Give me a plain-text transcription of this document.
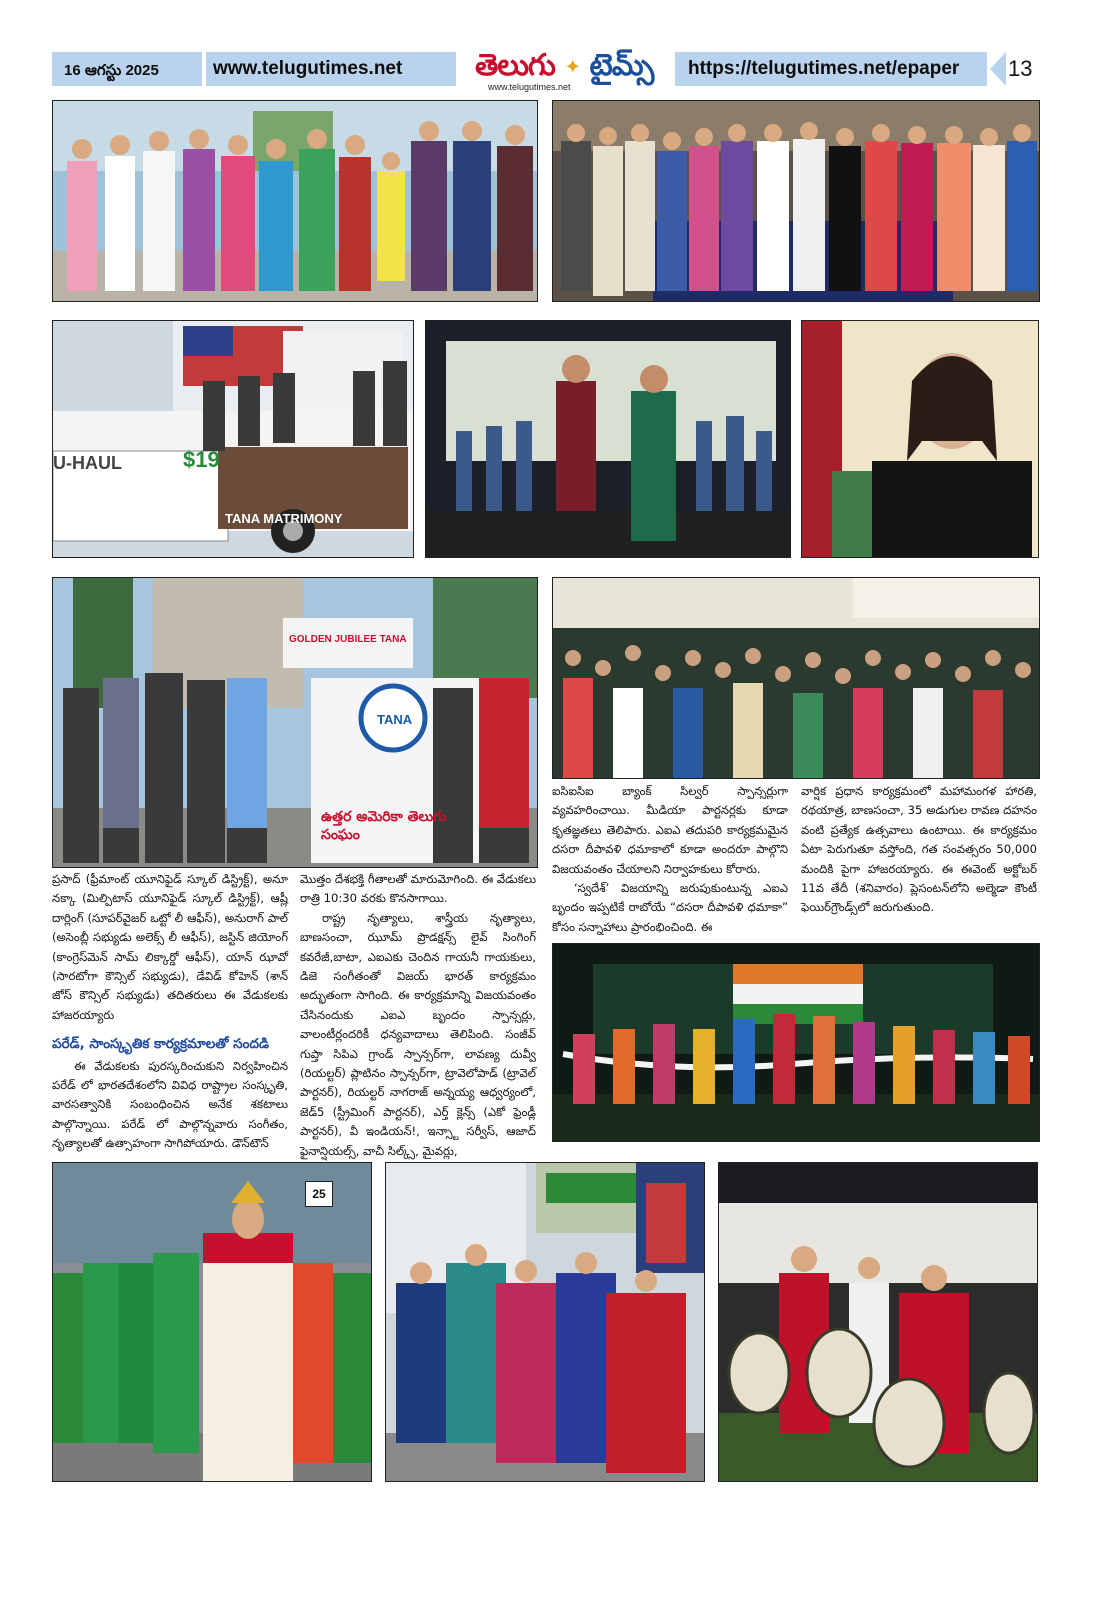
16 ఆగస్టు 2025	www.telugutimes.net తెలుగు ✦ టైమ్స్
www.telugutimes.net
https://telugutimes.net/epaper 13
U-HAUL	$19
TANA MATRIMONY
GOLDEN JUBILEE TANA
TANA
ఉత్తర అమెరికా తెలుగు సంఘం

ప్రసాద్ (ఫ్రీమాంట్ యూనిఫైడ్ స్కూల్ డిస్ట్రిక్ట్), అనూ నక్కా (మిల్పిటాస్ యూనిఫైడ్ స్కూల్ డిస్ట్రిక్ట్), ఆష్లీ దార్లింగ్ (సూపర్‌వైజర్ ఒట్టో లీ ఆఫీస్), అనురాగ్ పాల్ (అసెంబ్లీ సభ్యుడు అలెక్స్ లీ ఆఫీస్), జస్టిన్ జియోంగ్ (కాంగ్రెస్‌మెన్ సామ్ లిక్కార్డో ఆఫీస్), యాన్ ఝావో (సారటోగా కౌన్సిల్ సభ్యుడు), డేవిడ్ కోహెన్ (శాన్ జోస్ కౌన్సిల్ సభ్యుడు) తదితరులు ఈ వేడుకలకు హాజరయ్యారు

పరేడ్, సాంస్కృతిక కార్యక్రమాలతో సందడి

ఈ వేడుకలకు పురస్కరించుకుని నిర్వహించిన పరేడ్ లో భారతదేశంలోని వివిధ రాష్ట్రాల సంస్కృతి, వారసత్వానికి సంబంధించిన అనేక శకటాలు పాల్గొన్నాయి. పరేడ్ లో పాల్గొన్నవారు సంగీతం, నృత్యాలతో ఉత్సాహంగా సాగిపోయారు. డౌన్‌టౌన్

మొత్తం దేశభక్తి గీతాలతో మారుమోగింది. ఈ వేడుకలు రాత్రి 10:30 వరకు కొనసాగాయి.

రాష్ట్ర నృత్యాలు, శాస్త్రీయ నృత్యాలు, బాణసంచా, ఝూమ్ ప్రొడక్షన్స్ లైవ్ సింగింగ్ కవరేజీ,బాటా, ఎఐఎకు చెందిన గాయనీ గాయకులు, డిజె సంగీతంతో విజయ్ భారత్ కార్యక్రమం అద్భుతంగా సాగింది. ఈ కార్యక్రమాన్ని విజయవంతం చేసినందుకు ఎఐఎ బృందం స్పాన్సర్లు, వాలంటీర్లందరికీ ధన్యవాదాలు తెలిపింది. సంజీవ్ గుప్తా సిపిఎ గ్రాండ్ స్పాన్సర్‌గా, లావణ్య దువ్వీ (రియల్టర్) ప్లాటినం స్పాన్సర్‌గా, ట్రావెలోపాడ్ (ట్రావెల్ పార్టనర్), రియల్టర్ నాగరాజ్ అన్నయ్య ఆధ్వర్యంలో, జెడ్5 (స్ట్రీమింగ్ పార్టనర్), ఎర్త్ క్లెన్స్ (ఎకో ఫ్రెండ్లీ పార్టనర్), వీ ఇండియన్!, ఇన్స్టా సర్వీస్, ఆజాద్ ఫైనాన్షియల్స్, వాచీ సిల్క్స్, మైవర్లు,

ఐసిఐసిఐ బ్యాంక్ సిల్వర్ స్పాన్సర్లుగా వ్యవహరించాయి. మీడియా పార్టనర్లకు కూడా కృతజ్ఞతలు తెలిపారు. ఎఐఎ తదుపరి కార్యక్రమమైన దసరా దీపావళి ధమాకాలో కూడా అందరూ పాల్గొని విజయవంతం చేయాలని నిర్వాహకులు కోరారు.

‘స్వదేశ్’ విజయాన్ని జరుపుకుంటున్న ఎఐఎ బృందం ఇప్పటికే రాబోయే “దసరా దీపావళి ధమాకా” కోసం సన్నాహాలు ప్రారంభించింది. ఈ

వార్షిక ప్రధాన కార్యక్రమంలో మహామంగళ హారతి, రథయాత్ర, బాణసంచా, 35 అడుగుల రావణ దహనం వంటి ప్రత్యేక ఉత్సవాలు ఉంటాయి. ఈ కార్యక్రమం ఏటా పెరుగుతూ వస్తోంది, గత సంవత్సరం 50,000 మందికి పైగా హాజరయ్యారు. ఈ ఈవెంట్ అక్టోబర్ 11వ తేదీ (శనివారం) ప్లెసంటన్‌లోని అల్మెడా కౌంటీ ఫెయిర్‌గ్రౌండ్స్‌లో జరుగుతుంది.

25
